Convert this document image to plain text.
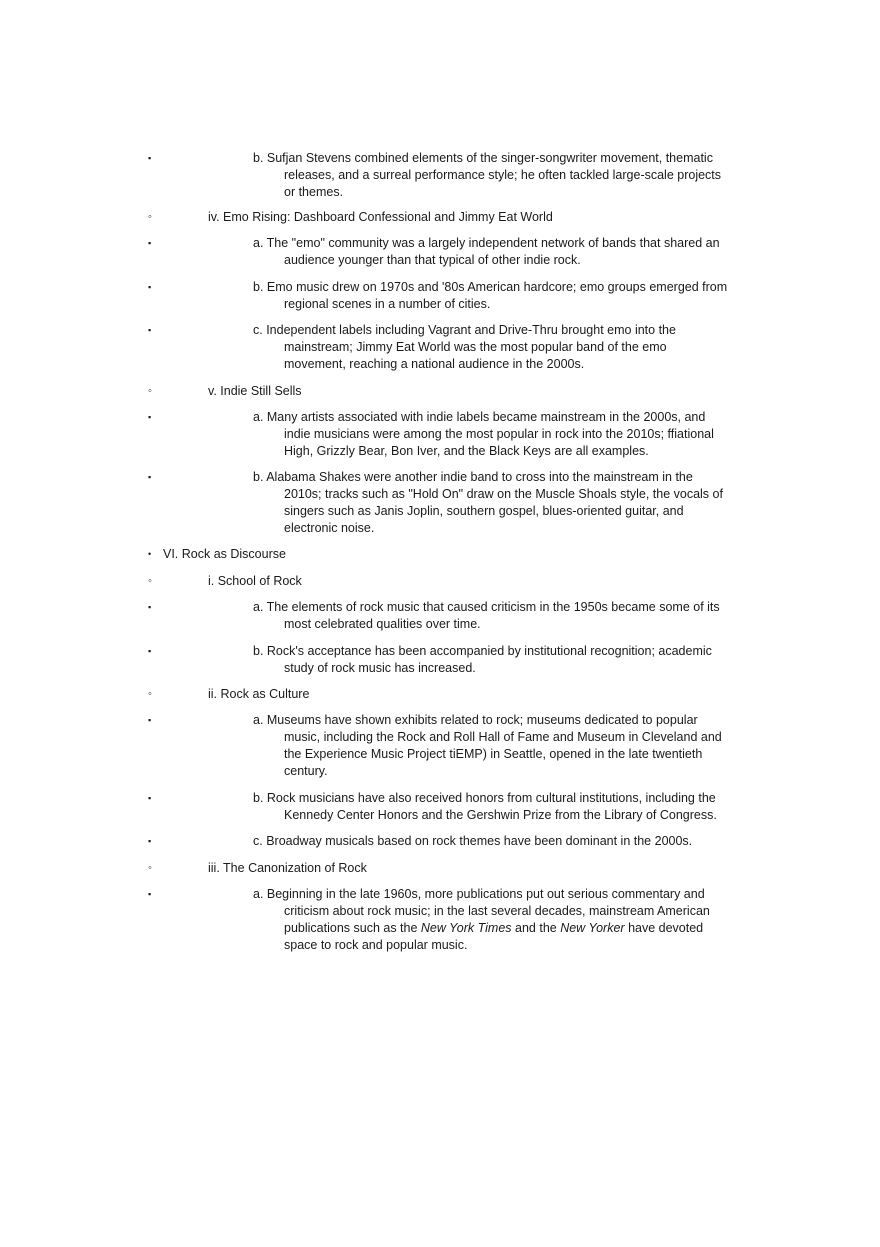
▪	b. Sufjan Stevens combined elements of the singer-songwriter movement, thematic releases, and a surreal performance style; he often tackled large-scale projects or themes.
◦	iv. Emo Rising: Dashboard Confessional and Jimmy Eat World
▪	a. The "emo" community was a largely independent network of bands that shared an audience younger than that typical of other indie rock.
▪	b. Emo music drew on 1970s and '80s American hardcore; emo groups emerged from regional scenes in a number of cities.
▪	c. Independent labels including Vagrant and Drive-Thru brought emo into the mainstream; Jimmy Eat World was the most popular band of the emo movement, reaching a national audience in the 2000s.
◦	v. Indie Still Sells
▪	a. Many artists associated with indie labels became mainstream in the 2000s, and indie musicians were among the most popular in rock into the 2010s; ffiational High, Grizzly Bear, Bon Iver, and the Black Keys are all examples.
▪	b. Alabama Shakes were another indie band to cross into the mainstream in the 2010s; tracks such as "Hold On" draw on the Muscle Shoals style, the vocals of singers such as Janis Joplin, southern gospel, blues-oriented guitar, and electronic noise.
• VI. Rock as Discourse
◦	i. School of Rock
▪	a. The elements of rock music that caused criticism in the 1950s became some of its most celebrated qualities over time.
▪	b. Rock's acceptance has been accompanied by institutional recognition; academic study of rock music has increased.
◦	ii. Rock as Culture
▪	a. Museums have shown exhibits related to rock; museums dedicated to popular music, including the Rock and Roll Hall of Fame and Museum in Cleveland and the Experience Music Project tiEMP) in Seattle, opened in the late twentieth century.
▪	b. Rock musicians have also received honors from cultural institutions, including the Kennedy Center Honors and the Gershwin Prize from the Library of Congress.
▪	c. Broadway musicals based on rock themes have been dominant in the 2000s.
◦	iii. The Canonization of Rock
▪	a. Beginning in the late 1960s, more publications put out serious commentary and criticism about rock music; in the last several decades, mainstream American publications such as the New York Times and the New Yorker have devoted space to rock and popular music.
